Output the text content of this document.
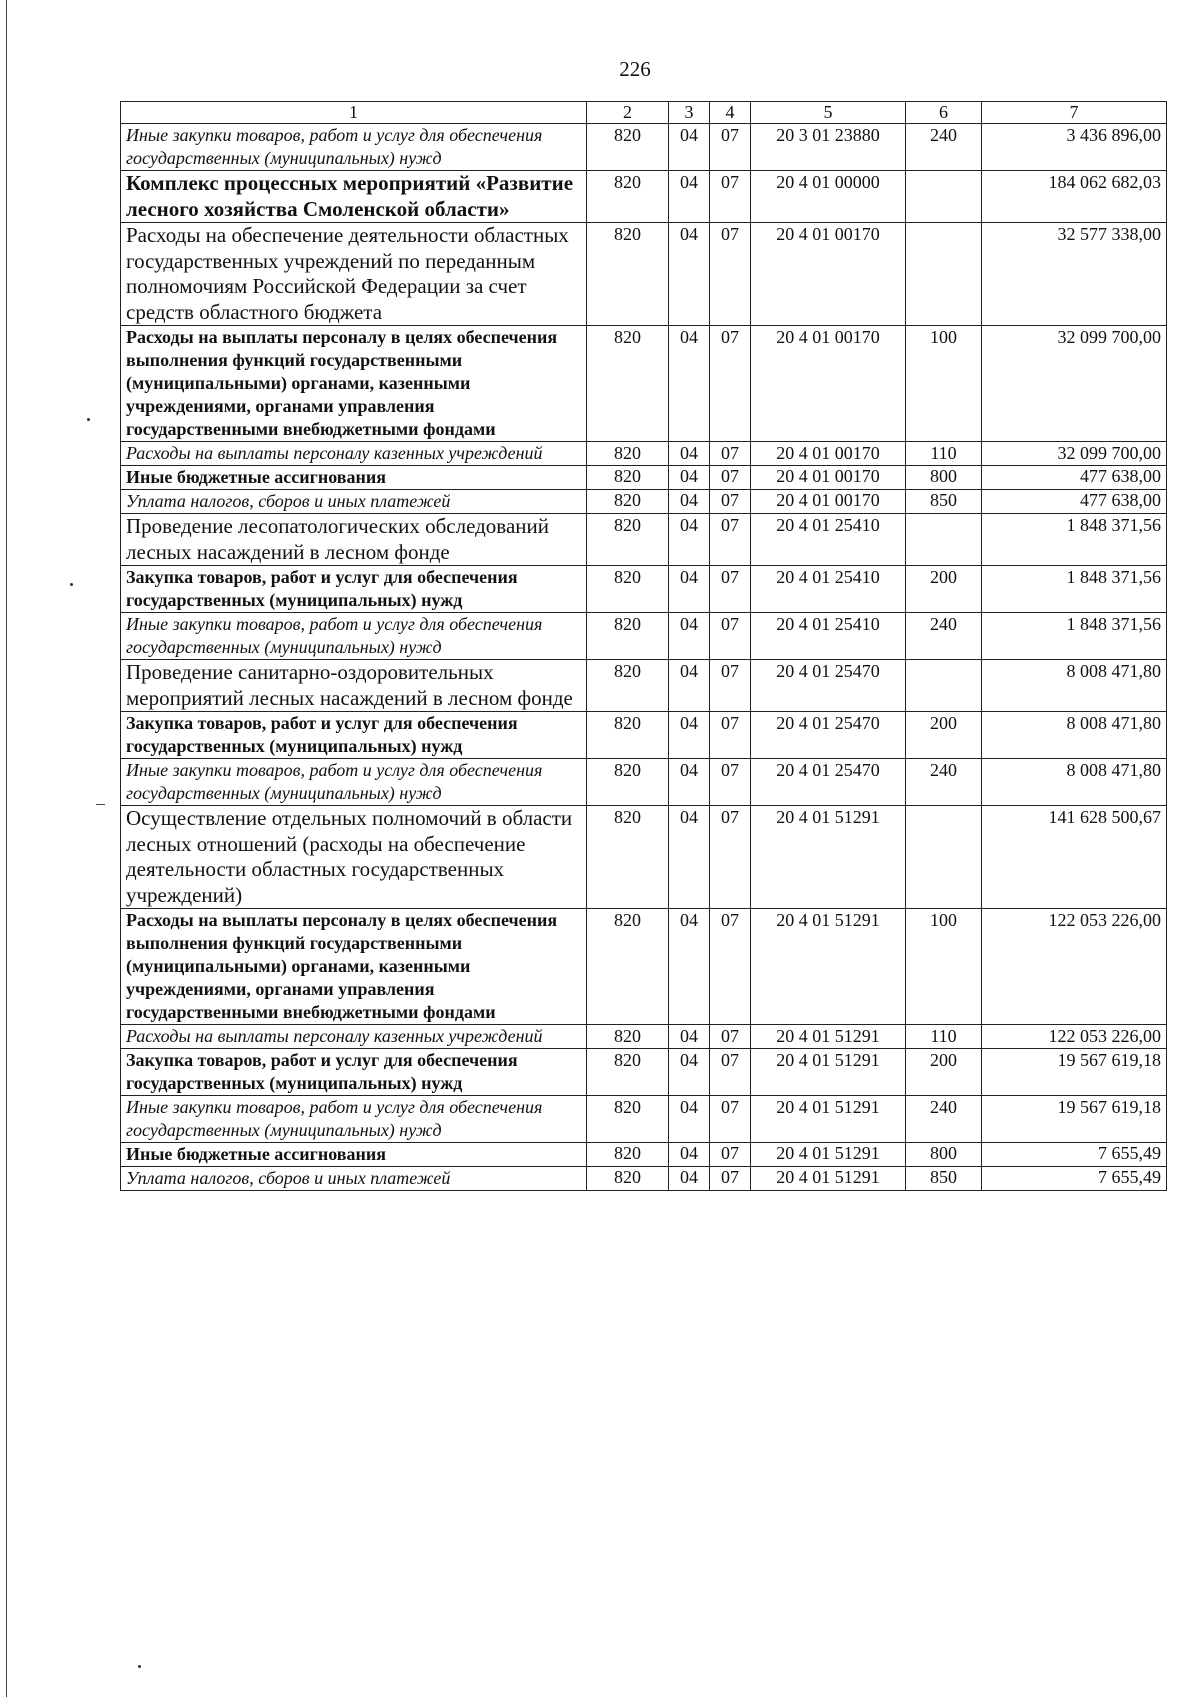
226
1	2	3	4	5	6	7
Иные закупки товаров, работ и услуг для обеспечения государственных (муниципальных) нужд	820	04	07	20 3 01 23880	240	3 436 896,00
Комплекс процессных мероприятий «Развитие лесного хозяйства Смоленской области»	820	04	07	20 4 01 00000		184 062 682,03
Расходы на обеспечение деятельности областных государственных учреждений по переданным полномочиям Российской Федерации за счет средств областного бюджета	820	04	07	20 4 01 00170		32 577 338,00
Расходы на выплаты персоналу в целях обеспечения выполнения функций государственными (муниципальными) органами, казенными учреждениями, органами управления государственными внебюджетными фондами	820	04	07	20 4 01 00170	100	32 099 700,00
Расходы на выплаты персоналу казенных учреждений	820	04	07	20 4 01 00170	110	32 099 700,00
Иные бюджетные ассигнования	820	04	07	20 4 01 00170	800	477 638,00
Уплата налогов, сборов и иных платежей	820	04	07	20 4 01 00170	850	477 638,00
Проведение лесопатологических обследований лесных насаждений в лесном фонде	820	04	07	20 4 01 25410		1 848 371,56
Закупка товаров, работ и услуг для обеспечения государственных (муниципальных) нужд	820	04	07	20 4 01 25410	200	1 848 371,56
Иные закупки товаров, работ и услуг для обеспечения государственных (муниципальных) нужд	820	04	07	20 4 01 25410	240	1 848 371,56
Проведение санитарно-оздоровительных мероприятий лесных насаждений в лесном фонде	820	04	07	20 4 01 25470		8 008 471,80
Закупка товаров, работ и услуг для обеспечения государственных (муниципальных) нужд	820	04	07	20 4 01 25470	200	8 008 471,80
Иные закупки товаров, работ и услуг для обеспечения государственных (муниципальных) нужд	820	04	07	20 4 01 25470	240	8 008 471,80
Осуществление отдельных полномочий в области лесных отношений (расходы на обеспечение деятельности областных государственных учреждений)	820	04	07	20 4 01 51291		141 628 500,67
Расходы на выплаты персоналу в целях обеспечения выполнения функций государственными (муниципальными) органами, казенными учреждениями, органами управления государственными внебюджетными фондами	820	04	07	20 4 01 51291	100	122 053 226,00
Расходы на выплаты персоналу казенных учреждений	820	04	07	20 4 01 51291	110	122 053 226,00
Закупка товаров, работ и услуг для обеспечения государственных (муниципальных) нужд	820	04	07	20 4 01 51291	200	19 567 619,18
Иные закупки товаров, работ и услуг для обеспечения государственных (муниципальных) нужд	820	04	07	20 4 01 51291	240	19 567 619,18
Иные бюджетные ассигнования	820	04	07	20 4 01 51291	800	7 655,49
Уплата налогов, сборов и иных платежей	820	04	07	20 4 01 51291	850	7 655,49
